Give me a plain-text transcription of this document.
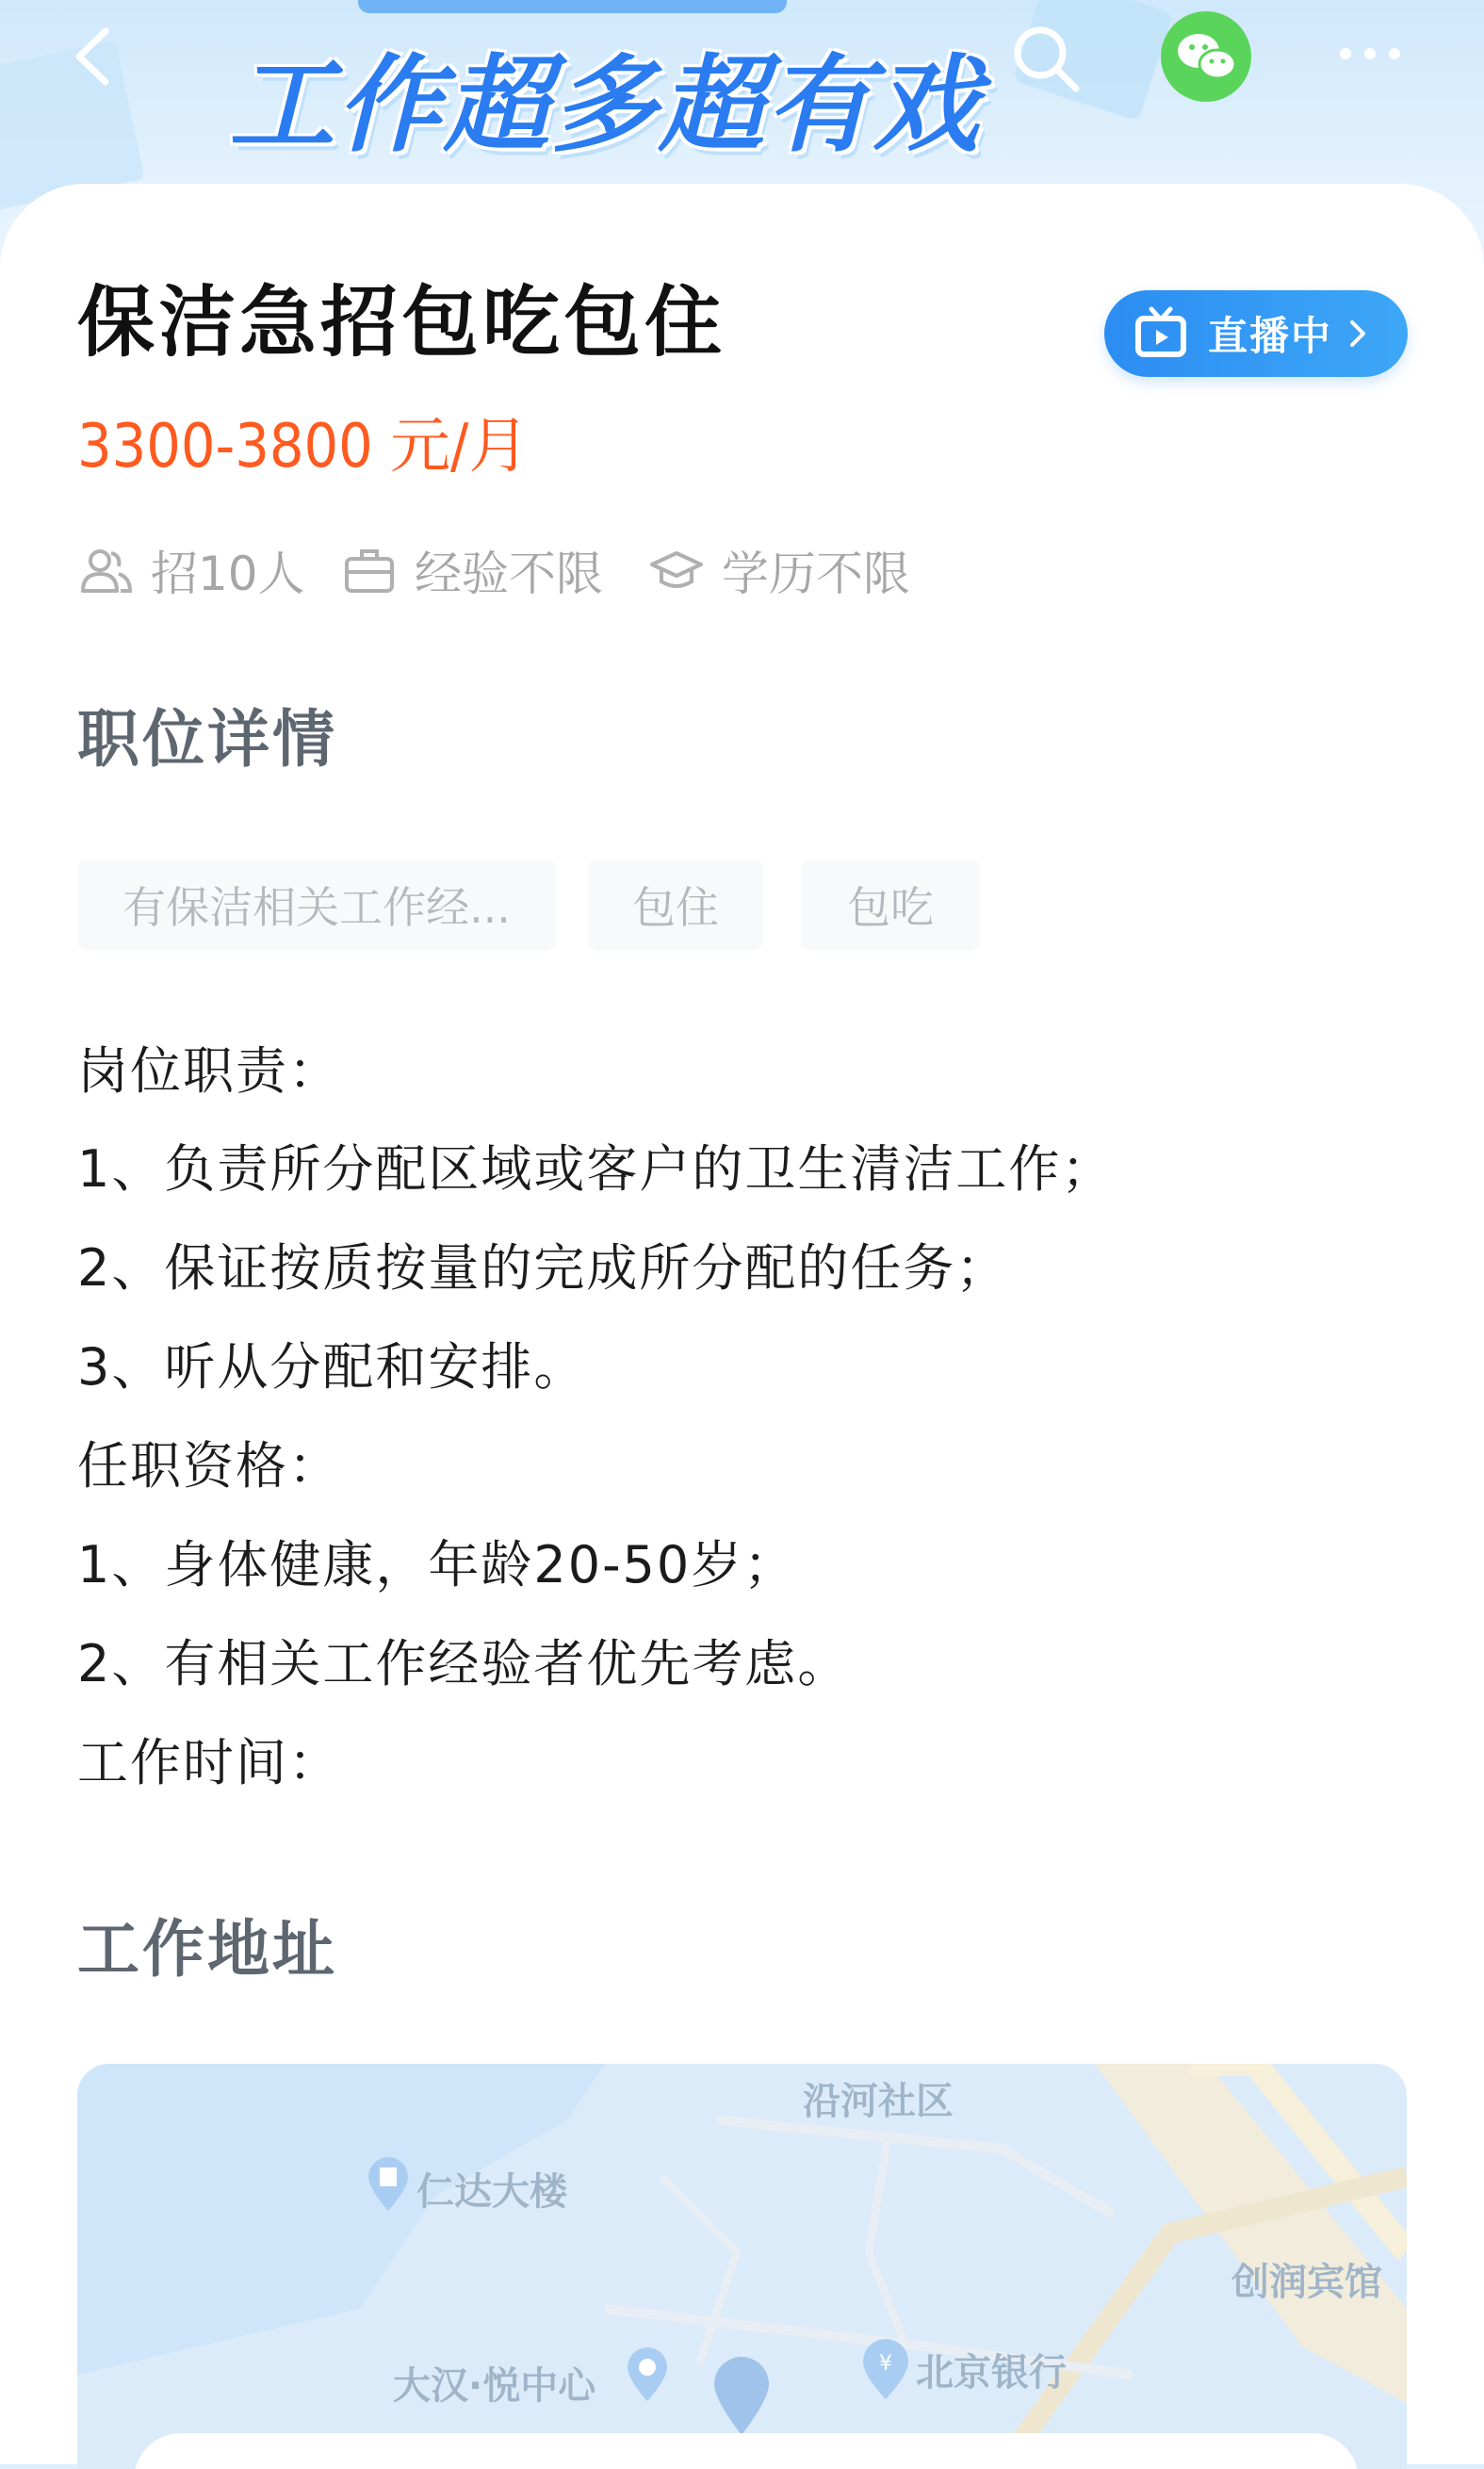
工作超多超有戏
保洁急招包吃包住	直播中
3300-3800 元/月
招10人 经验不限	学历不限
职位详情
有保洁相关工作经...	包住	包吃
岗位职责：
1、负责所分配区域或客户的卫生清洁工作；
2、保证按质按量的完成所分配的任务；
3、听从分配和安排。
任职资格：
1、身体健康，年龄20-50岁；
2、有相关工作经验者优先考虑。
工作时间：
工作地址
沿河社区
仁达大楼
创润宾馆
大汉·悦中心
¥ 北京银行
